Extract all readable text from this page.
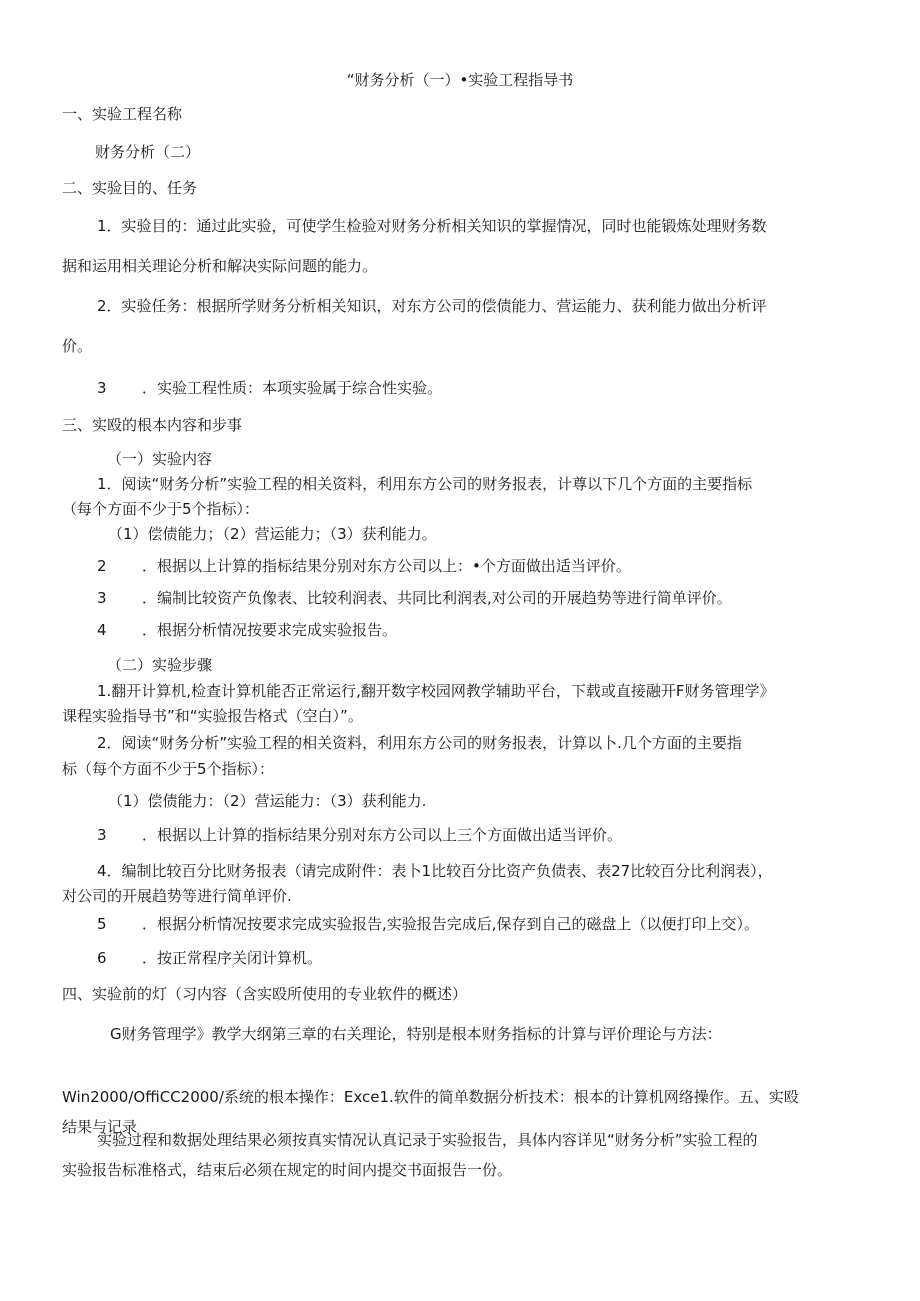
“财务分析（一）•实验工程指导书
一、实验工程名称
财务分析（二）
二、实验目的、任务
1．实验目的：通过此实验，可使学生检验对财务分析相关知识的掌握情况，同时也能锻炼处理财务数
据和运用相关理论分析和解决实际问题的能力。
2．实验任务：根据所学财务分析相关知识，对东方公司的偿债能力、营运能力、获利能力做出分析评
价。
3 ．实验工程性质：本项实验属于综合性实验。
三、实殴的根本内容和步事
（一）实验内容
1．阅读“财务分析”实验工程的相关资料，利用东方公司的财务报表，计尊以下几个方面的主要指标
（每个方面不少于5个指标）：
（1）偿债能力；（2）营运能力；（3）获利能力。
2 ．根据以上计算的指标结果分别对东方公司以上：•个方面做出适当评价。
3 ．编制比较资产负像表、比较利润表、共同比利润表,对公司的开展趋势等进行简单评价。
4 ．根据分析情况按要求完成实验报告。
（二）实验步骤
1.翻开计算机,检查计算机能否正常运行,翻开数字校园网教学辅助平台，下载或直接融开F财务管理学》
课程实验指导书”和“实验报告格式（空白）”。
2．阅读“财务分析”实验工程的相关资料，利用东方公司的财务报表，计算以卜.几个方面的主要指
标（每个方面不少于5个指标）：
（1）偿债能力：（2）营运能力：（3）获利能力.
3 ．根据以上计算的指标结果分别对东方公司以上三个方面做出适当评价。
4．编制比较百分比财务报表（请完成附件：表卜1比较百分比资产负债表、表27比较百分比利润表），
对公司的开展趋势等进行简单评价.
5 ．根据分析情况按要求完成实验报告,实验报告完成后,保存到自己的磁盘上（以便打印上交）。
6 ．按正常程序关闭计算机。
四、实验前的灯（习内容（含实殴所使用的专业软件的概述）
G财务管理学》教学大纲第三章的右关理论，特别是根本财务指标的计算与评价理论与方法：
Win2000/OffiCC2000/系统的根本操作：Exce1.软件的简单数据分析技术：根本的计算机网络操作。五、实殴
结果与记录
实验过程和数据处理结果必须按真实情况认真记录于实验报告，具体内容详见“财务分析”实验工程的
实验报告标准格式，结束后必须在规定的时间内提交书面报告一份。
